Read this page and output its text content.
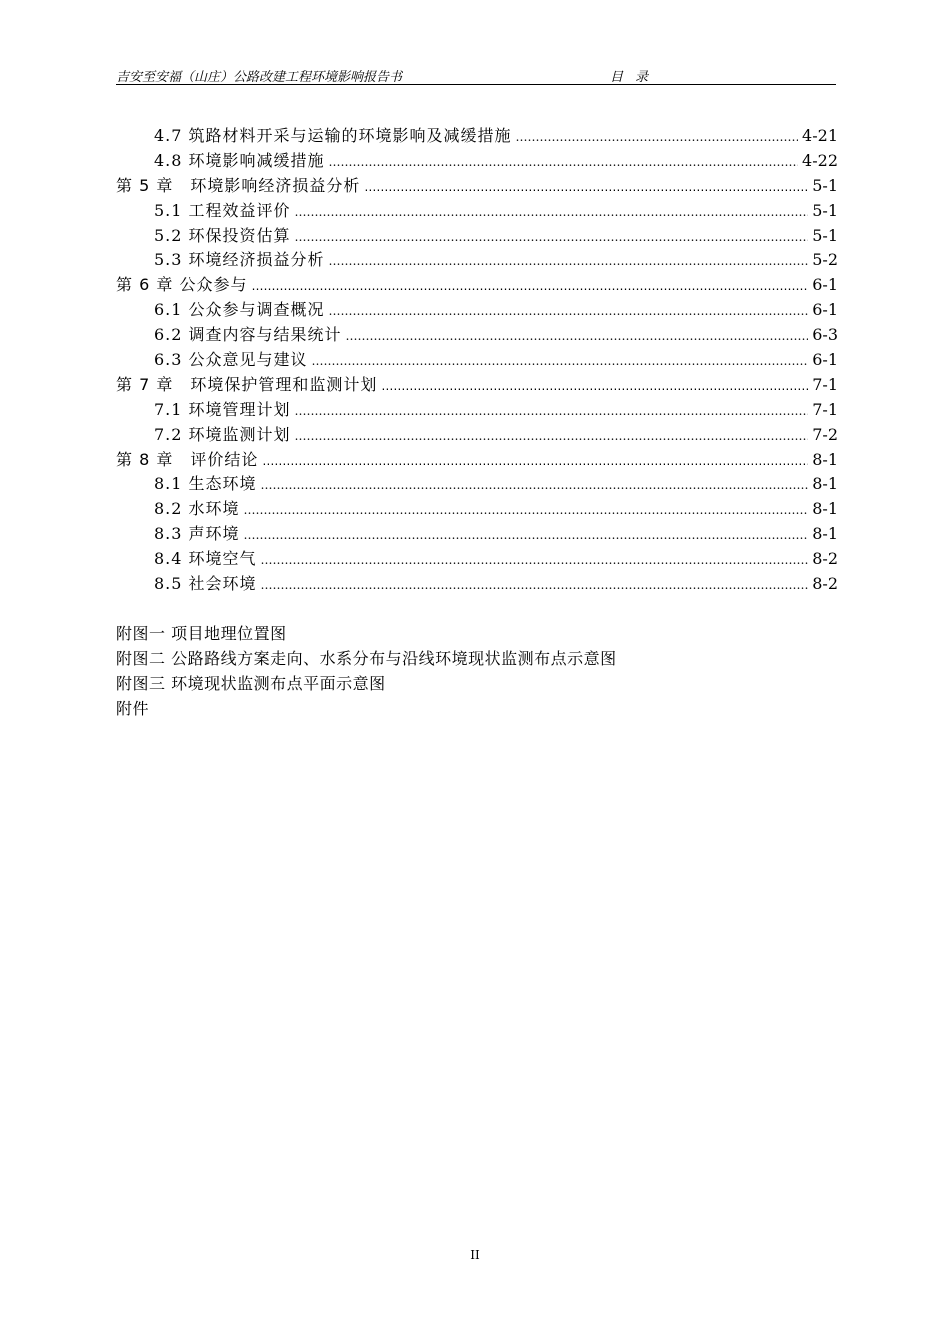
吉安至安福（山庄）公路改建工程环境影响报告书	目 录
4.7 筑路材料开采与运输的环境影响及减缓措施 …………………………………………………………………………………………………………………………………………………………………………………………	4-21
4.8 环境影响减缓措施 …………………………………………………………………………………………………………………………………………………………………………………………	4-22
第 5 章　环境影响经济损益分析 …………………………………………………………………………………………………………………………………………………………………………………………	5-1
5.1 工程效益评价 …………………………………………………………………………………………………………………………………………………………………………………………	5-1
5.2 环保投资估算 …………………………………………………………………………………………………………………………………………………………………………………………	5-1
5.3 环境经济损益分析 …………………………………………………………………………………………………………………………………………………………………………………………	5-2
第 6 章 公众参与 …………………………………………………………………………………………………………………………………………………………………………………………	6-1
6.1 公众参与调查概况 …………………………………………………………………………………………………………………………………………………………………………………………	6-1
6.2 调查内容与结果统计 …………………………………………………………………………………………………………………………………………………………………………………………	6-3
6.3 公众意见与建议 …………………………………………………………………………………………………………………………………………………………………………………………	6-1
第 7 章　环境保护管理和监测计划 …………………………………………………………………………………………………………………………………………………………………………………………	7-1
7.1 环境管理计划 …………………………………………………………………………………………………………………………………………………………………………………………	7-1
7.2 环境监测计划 …………………………………………………………………………………………………………………………………………………………………………………………	7-2
第 8 章　评价结论 …………………………………………………………………………………………………………………………………………………………………………………………	8-1
8.1 生态环境 …………………………………………………………………………………………………………………………………………………………………………………………	8-1
8.2 水环境 …………………………………………………………………………………………………………………………………………………………………………………………	8-1
8.3 声环境 …………………………………………………………………………………………………………………………………………………………………………………………	8-1
8.4 环境空气 …………………………………………………………………………………………………………………………………………………………………………………………	8-2
8.5 社会环境 …………………………………………………………………………………………………………………………………………………………………………………………	8-2
附图一 项目地理位置图
附图二 公路路线方案走向、水系分布与沿线环境现状监测布点示意图
附图三 环境现状监测布点平面示意图
附件
II
